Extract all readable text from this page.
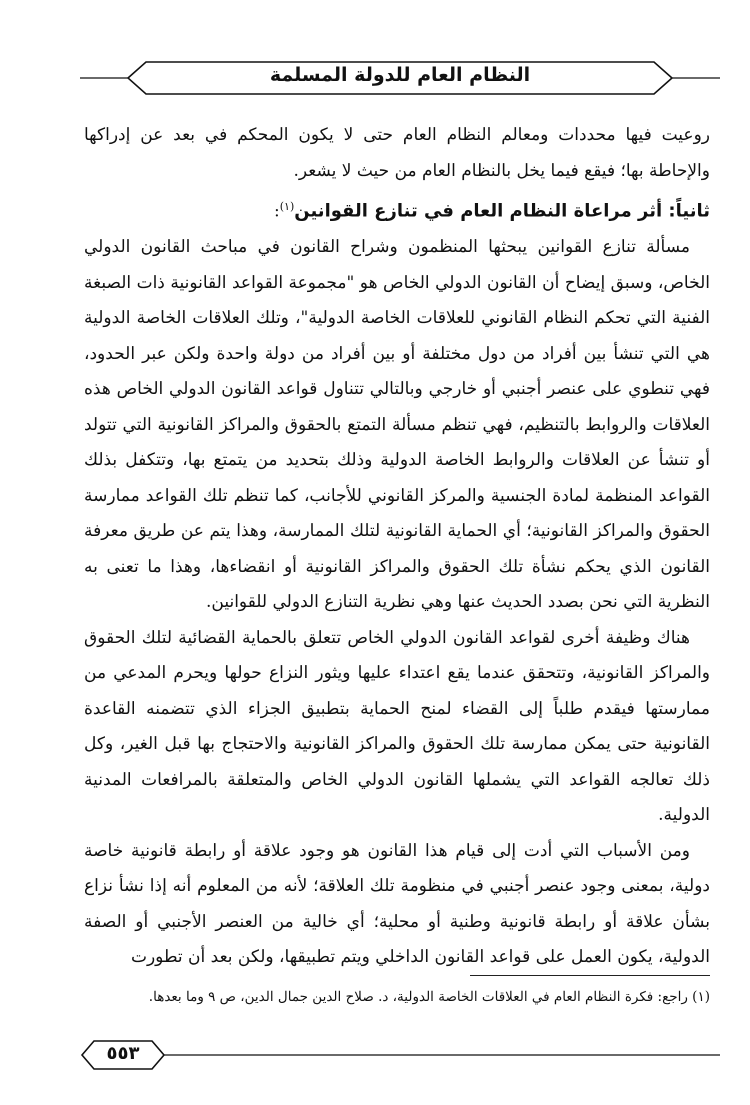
النظام العام للدولة المسلمة

روعيت فيها محددات ومعالم النظام العام حتى لا يكون المحكم في بعد عن إدراكها والإحاطة بها؛ فيقع فيما يخل بالنظام العام من حيث لا يشعر.

ثانياً: أثر مراعاة النظام العام في تنازع القوانين$^{(١)}$:

مسألة تنازع القوانين يبحثها المنظمون وشراح القانون في مباحث القانون الدولي الخاص، وسبق إيضاح أن القانون الدولي الخاص هو "مجموعة القواعد القانونية ذات الصبغة الفنية التي تحكم النظام القانوني للعلاقات الخاصة الدولية"، وتلك العلاقات الخاصة الدولية هي التي تنشأ بين أفراد من دول مختلفة أو بين أفراد من دولة واحدة ولكن عبر الحدود، فهي تنطوي على عنصر أجنبي أو خارجي وبالتالي تتناول قواعد القانون الدولي الخاص هذه العلاقات والروابط بالتنظيم، فهي تنظم مسألة التمتع بالحقوق والمراكز القانونية التي تتولد أو تنشأ عن العلاقات والروابط الخاصة الدولية وذلك بتحديد من يتمتع بها، وتتكفل بذلك القواعد المنظمة لمادة الجنسية والمركز القانوني للأجانب، كما تنظم تلك القواعد ممارسة الحقوق والمراكز القانونية؛ أي الحماية القانونية لتلك الممارسة، وهذا يتم عن طريق معرفة القانون الذي يحكم نشأة تلك الحقوق والمراكز القانونية أو انقضاءها، وهذا ما تعنى به النظرية التي نحن بصدد الحديث عنها وهي نظرية التنازع الدولي للقوانين.

هناك وظيفة أخرى لقواعد القانون الدولي الخاص تتعلق بالحماية القضائية لتلك الحقوق والمراكز القانونية، وتتحقق عندما يقع اعتداء عليها ويثور النزاع حولها ويحرم المدعي من ممارستها فيقدم طلباً إلى القضاء لمنح الحماية بتطبيق الجزاء الذي تتضمنه القاعدة القانونية حتى يمكن ممارسة تلك الحقوق والمراكز القانونية والاحتجاج بها قبل الغير، وكل ذلك تعالجه القواعد التي يشملها القانون الدولي الخاص والمتعلقة بالمرافعات المدنية الدولية.

ومن الأسباب التي أدت إلى قيام هذا القانون هو وجود علاقة أو رابطة قانونية خاصة دولية، بمعنى وجود عنصر أجنبي في منظومة تلك العلاقة؛ لأنه من المعلوم أنه إذا نشأ نزاع بشأن علاقة أو رابطة قانونية وطنية أو محلية؛ أي خالية من العنصر الأجنبي أو الصفة الدولية، يكون العمل على قواعد القانون الداخلي ويتم تطبيقها، ولكن بعد أن تطورت

(١) راجع: فكرة النظام العام في العلاقات الخاصة الدولية، د. صلاح الدين جمال الدين، ص ٩ وما بعدها.
٥٥٣
